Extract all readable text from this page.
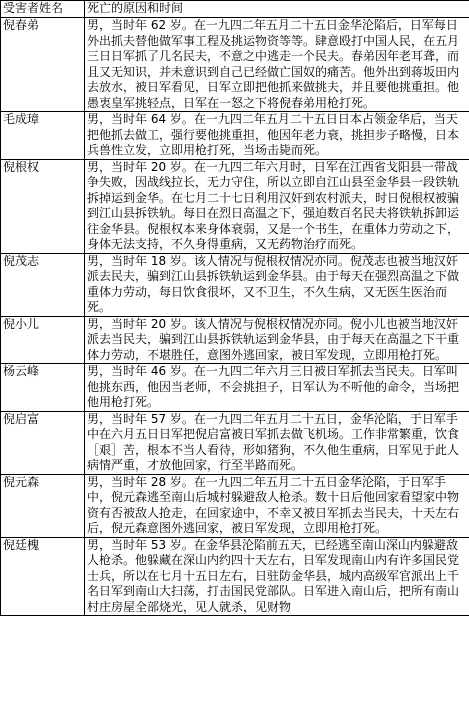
受害者姓名	死亡的原因和时间
倪春弟	男，当时年 62 岁。在一九四二年五月二十五日金华沦陷后，日军每日外出抓夫替他做军事工程及挑运物资等等。肆意殴打中国人民，在五月三日日军抓了几名民夫，不意之中逃走一个民夫。春弟因年老耳聋，而且又无知识，并未意识到自己已经做亡国奴的痛苦。他外出到蒋坂田内去放水，被日军看见，日军立即把他抓来做挑夫，并且要他挑重担。他愚衷皇军挑轻点，日军在一怒之下将倪春弟用枪打死。
毛成璋	男，当时年 64 岁。在一九四二年五月二十五日日本占领金华后，当天把他抓去做工，强行要他挑重担，他因年老力衰，挑担步子略慢，日本兵兽性立发，立即用枪打死，当场击毙而死。
倪根权	男，当时年 20 岁。在一九四二年六月时，日军在江西省戈阳县一带战争失败，因战线拉长，无力守住，所以立即自江山县至金华县一段铁轨拆掉运到金华。在七月二十七日利用汉奸到农村派夫，时日倪根权被骗到江山县拆铁轨。每日在烈日高温之下，强迫数百名民夫将铁轨拆卸运往金华县。倪根权本来身体衰弱，又是一个书生，在重体力劳动之下，身体无法支持，不久身得重病，又无药物治疗而死。
倪茂志	男，当时年 18 岁。该人情况与倪根权情况亦同。倪茂志也被当地汉奸派去民夫，骗到江山县拆铁轨运到金华县。由于每天在强烈高温之下做重体力劳动，每日饮食很坏，又不卫生，不久生病，又无医生医治而死。
倪小儿	男，当时年 20 岁。该人情况与倪根权情况亦同。倪小儿也被当地汉奸派去当民夫，骗到江山县拆铁轨运到金华县，由于每天在高温之下干重体力劳动，不堪胜任，意图外逃回家，被日军发现，立即用枪打死。
杨云峰	男，当时年 46 岁。在一九四二年六月三日被日军抓去当民夫。日军叫他挑东西，他因当老师，不会挑担子，日军认为不听他的命令，当场把他用枪打死。
倪启富	男，当时年 57 岁。在一九四二年五月二十五日，金华沦陷，于日军手中在六月五日日军把倪启富被日军抓去做飞机场。工作非常繁重，饮食［艰］苦，根本不当人看待，形如猪狗，不久他生重病，日军见于此人病情严重，才放他回家，行至半路而死。
倪元森	男，当时年 28 岁。在一九四二年五月二十五日金华沦陷，于日军手中，倪元森逃至南山后城村躲避敌人枪杀。数十日后他回家看望家中物资有否被敌人抢走，在回家途中，不幸又被日军抓去当民夫，十天左右后，倪元森意图外逃回家，被日军发现，立即用枪打死。
倪廷槐	男，当时年 53 岁。在金华县沦陷前五天，已经逃至南山深山内躲避敌人枪杀。他躲藏在深山内约四十天左右，日军发现南山内有许多国民党士兵，所以在七月十五日左右，日驻防金华县，城内高级军官派出上千名日军到南山大扫荡，打击国民党部队。日军进入南山后，把所有南山村庄房屋全部烧光，见人就杀，见财物
